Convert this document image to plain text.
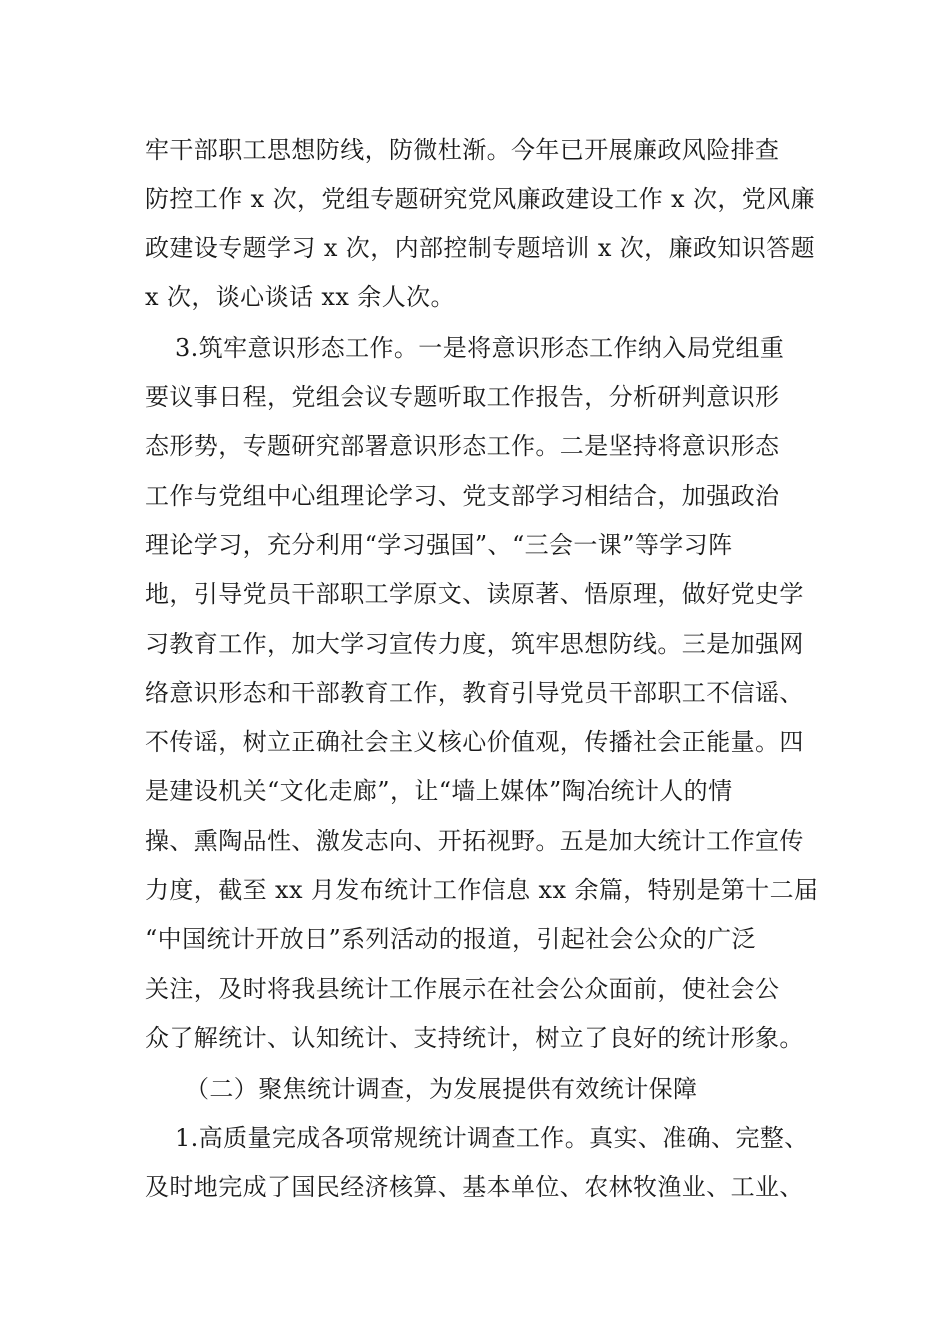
牢干部职工思想防线，防微杜渐。今年已开展廉政风险排查
防控工作 x 次，党组专题研究党风廉政建设工作 x 次，党风廉
政建设专题学习 x 次，内部控制专题培训 x 次，廉政知识答题
x 次，谈心谈话 xx 余人次。
3.筑牢意识形态工作。一是将意识形态工作纳入局党组重
要议事日程，党组会议专题听取工作报告，分析研判意识形
态形势，专题研究部署意识形态工作。二是坚持将意识形态
工作与党组中心组理论学习、党支部学习相结合，加强政治
理论学习，充分利用“学习强国”、“三会一课”等学习阵
地，引导党员干部职工学原文、读原著、悟原理，做好党史学
习教育工作，加大学习宣传力度，筑牢思想防线。三是加强网
络意识形态和干部教育工作，教育引导党员干部职工不信谣、
不传谣，树立正确社会主义核心价值观，传播社会正能量。四
是建设机关“文化走廊”，让“墙上媒体”陶冶统计人的情
操、熏陶品性、激发志向、开拓视野。五是加大统计工作宣传
力度，截至 xx 月发布统计工作信息 xx 余篇，特别是第十二届
“中国统计开放日”系列活动的报道，引起社会公众的广泛
关注，及时将我县统计工作展示在社会公众面前，使社会公
众了解统计、认知统计、支持统计，树立了良好的统计形象。
（二）聚焦统计调查，为发展提供有效统计保障
1.高质量完成各项常规统计调查工作。真实、准确、完整、
及时地完成了国民经济核算、基本单位、农林牧渔业、工业、
